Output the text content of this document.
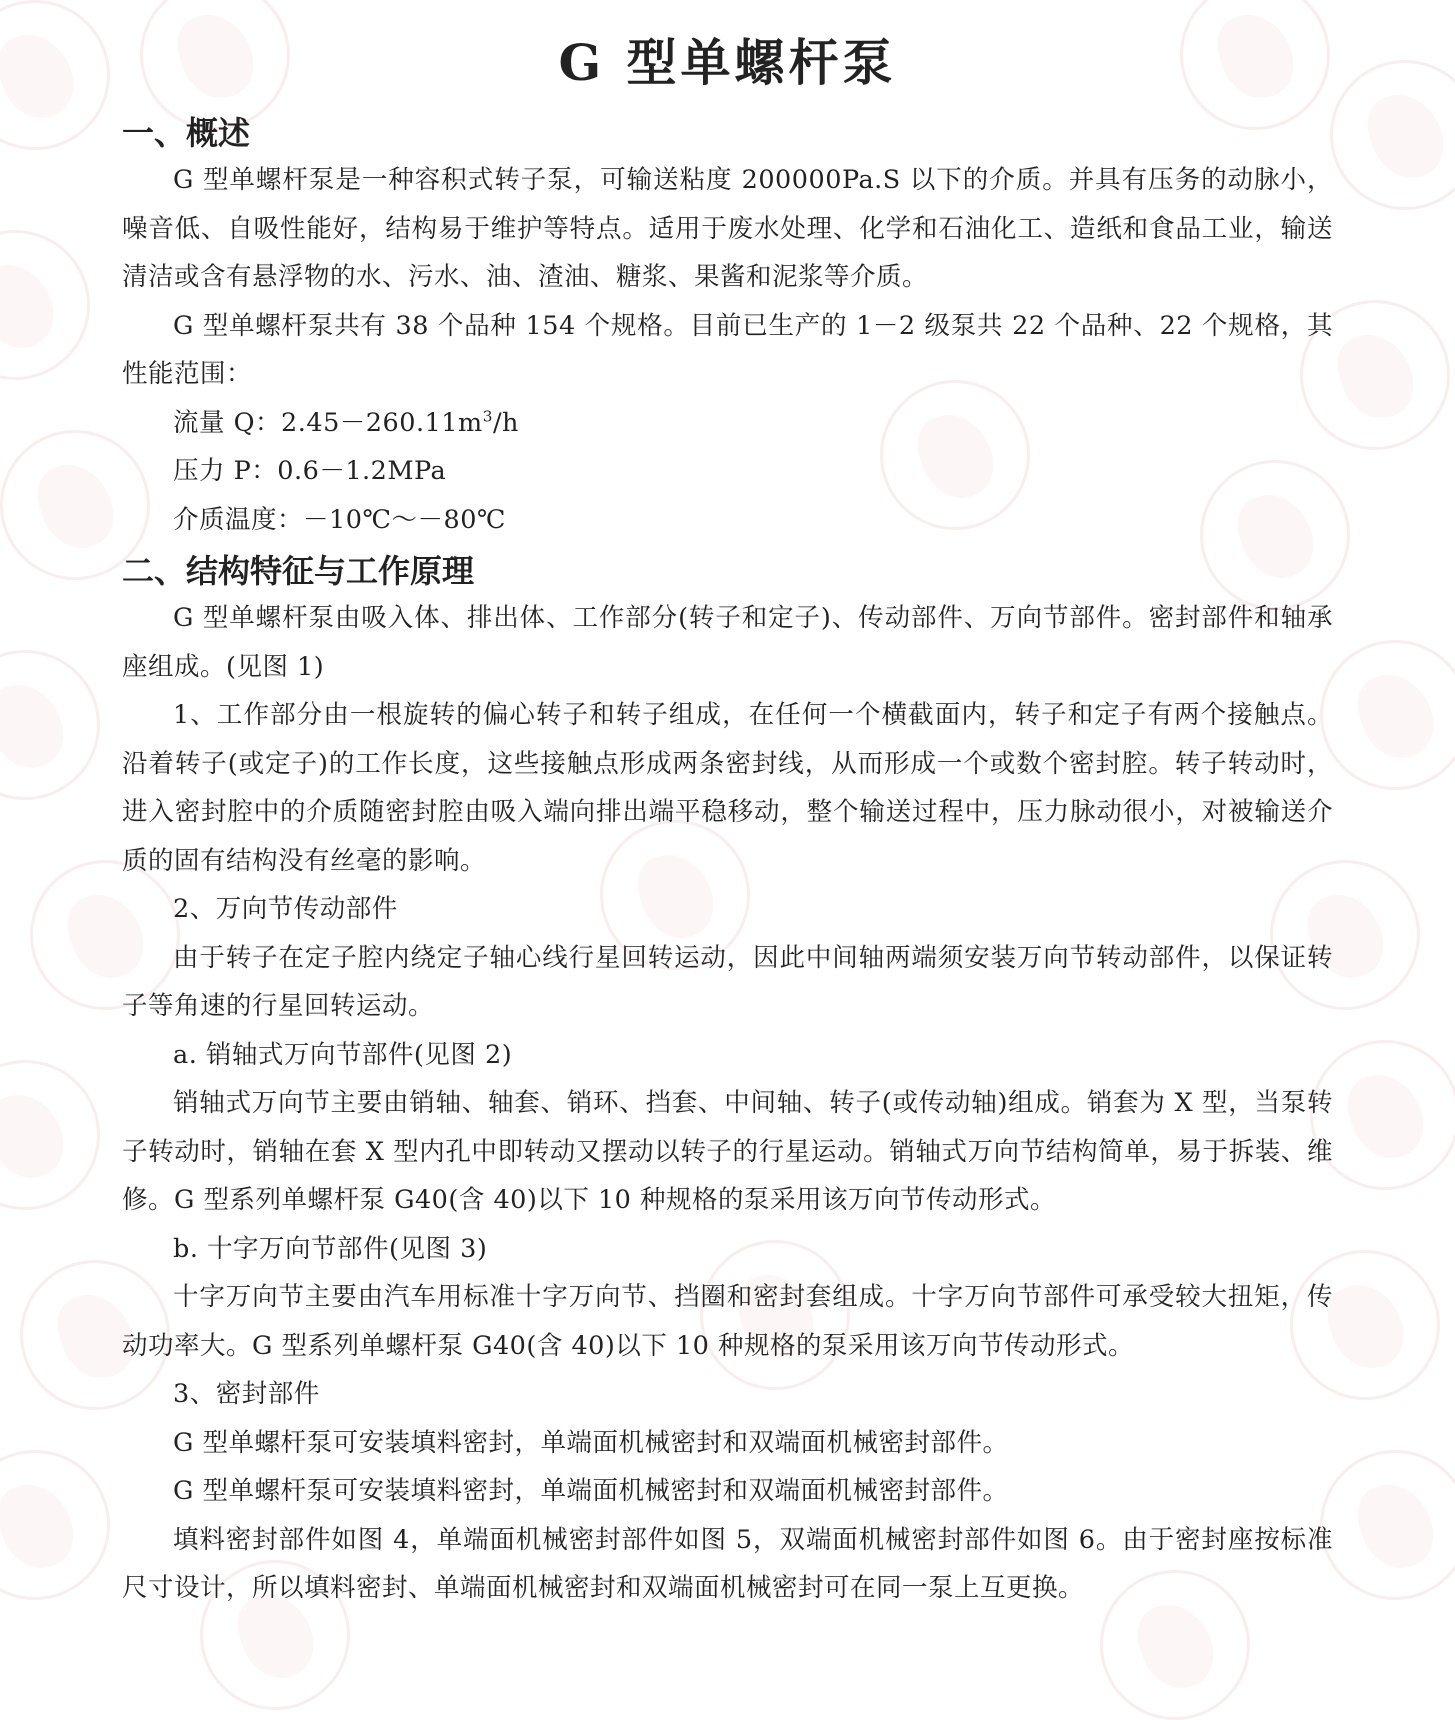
G 型单螺杆泵
一、概述

G 型单螺杆泵是一种容积式转子泵，可输送粘度 200000Pa.S 以下的介质。并具有压务的动脉小，噪音低、自吸性能好，结构易于维护等特点。适用于废水处理、化学和石油化工、造纸和食品工业，输送清洁或含有悬浮物的水、污水、油、渣油、糖浆、果酱和泥浆等介质。

G 型单螺杆泵共有 38 个品种 154 个规格。目前已生产的 1－2 级泵共 22 个品种、22 个规格，其性能范围：

流量 Q：$2.45-260.11m^3/h$

压力 P：0.6－1.2MPa

介质温度：－10℃～－80℃

二、结构特征与工作原理

G 型单螺杆泵由吸入体、排出体、工作部分(转子和定子)、传动部件、万向节部件。密封部件和轴承座组成。(见图 1)

1、工作部分由一根旋转的偏心转子和转子组成，在任何一个横截面内，转子和定子有两个接触点。沿着转子(或定子)的工作长度，这些接触点形成两条密封线，从而形成一个或数个密封腔。转子转动时，进入密封腔中的介质随密封腔由吸入端向排出端平稳移动，整个输送过程中，压力脉动很小，对被输送介质的固有结构没有丝毫的影响。

2、万向节传动部件

由于转子在定子腔内绕定子轴心线行星回转运动，因此中间轴两端须安装万向节转动部件，以保证转子等角速的行星回转运动。

a. 销轴式万向节部件(见图 2)

销轴式万向节主要由销轴、轴套、销环、挡套、中间轴、转子(或传动轴)组成。销套为 X 型，当泵转子转动时，销轴在套 X 型内孔中即转动又摆动以转子的行星运动。销轴式万向节结构简单，易于拆装、维修。G 型系列单螺杆泵 G40(含 40)以下 10 种规格的泵采用该万向节传动形式。

b. 十字万向节部件(见图 3)

十字万向节主要由汽车用标准十字万向节、挡圈和密封套组成。十字万向节部件可承受较大扭矩，传动功率大。G 型系列单螺杆泵 G40(含 40)以下 10 种规格的泵采用该万向节传动形式。

3、密封部件

G 型单螺杆泵可安装填料密封，单端面机械密封和双端面机械密封部件。

G 型单螺杆泵可安装填料密封，单端面机械密封和双端面机械密封部件。

填料密封部件如图 4，单端面机械密封部件如图 5，双端面机械密封部件如图 6。由于密封座按标准尺寸设计，所以填料密封、单端面机械密封和双端面机械密封可在同一泵上互更换。
